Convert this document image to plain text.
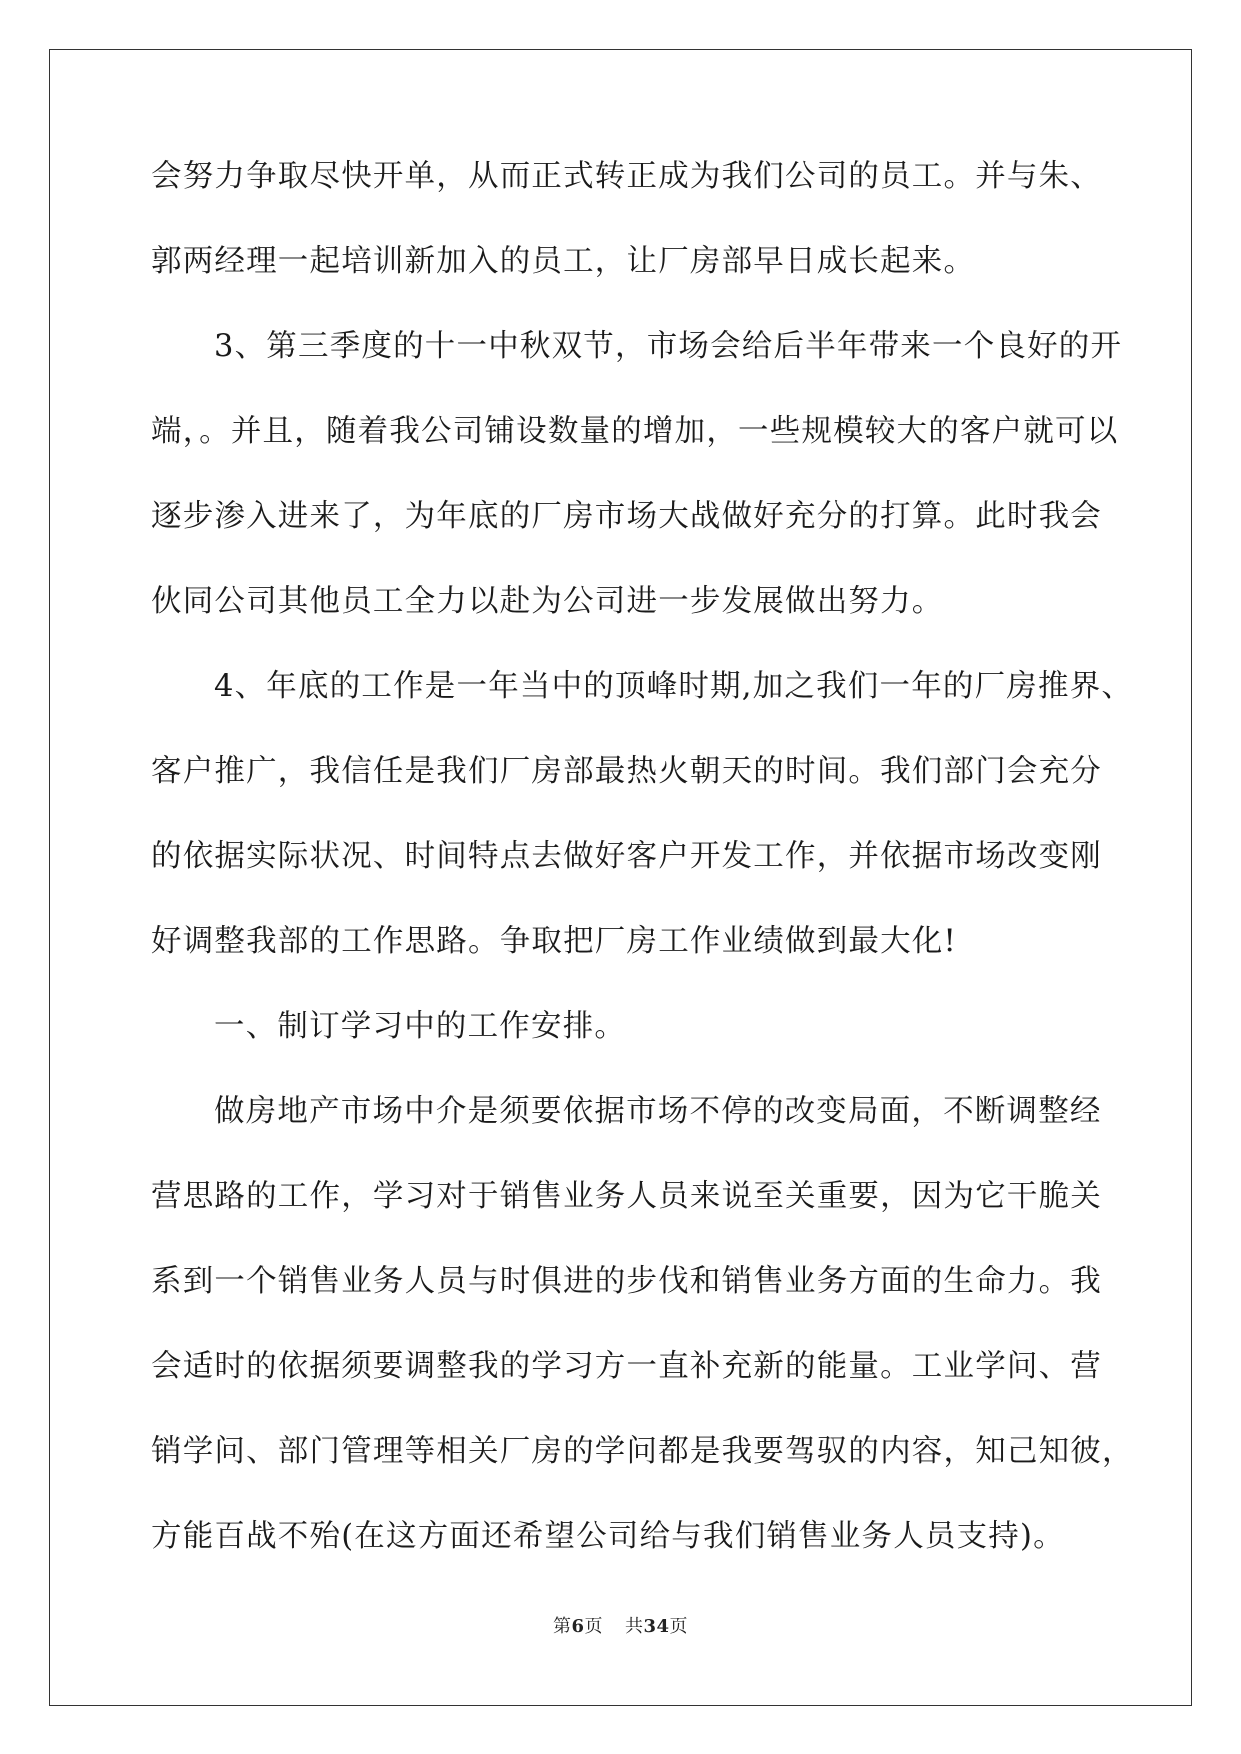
会努力争取尽快开单，从而正式转正成为我们公司的员工。并与朱、

郭两经理一起培训新加入的员工，让厂房部早日成长起来。

3、第三季度的十一中秋双节，市场会给后半年带来一个良好的开

端，。并且，随着我公司铺设数量的增加，一些规模较大的客户就可以

逐步渗入进来了，为年底的厂房市场大战做好充分的打算。此时我会

伙同公司其他员工全力以赴为公司进一步发展做出努力。

4、年底的工作是一年当中的顶峰时期,加之我们一年的厂房推界、

客户推广，我信任是我们厂房部最热火朝天的时间。我们部门会充分

的依据实际状况、时间特点去做好客户开发工作，并依据市场改变刚

好调整我部的工作思路。争取把厂房工作业绩做到最大化!

一、制订学习中的工作安排。

做房地产市场中介是须要依据市场不停的改变局面，不断调整经

营思路的工作，学习对于销售业务人员来说至关重要，因为它干脆关

系到一个销售业务人员与时俱进的步伐和销售业务方面的生命力。我

会适时的依据须要调整我的学习方一直补充新的能量。工业学问、营

销学问、部门管理等相关厂房的学问都是我要驾驭的内容，知己知彼，

方能百战不殆(在这方面还希望公司给与我们销售业务人员支持)。

第6页 共34页
